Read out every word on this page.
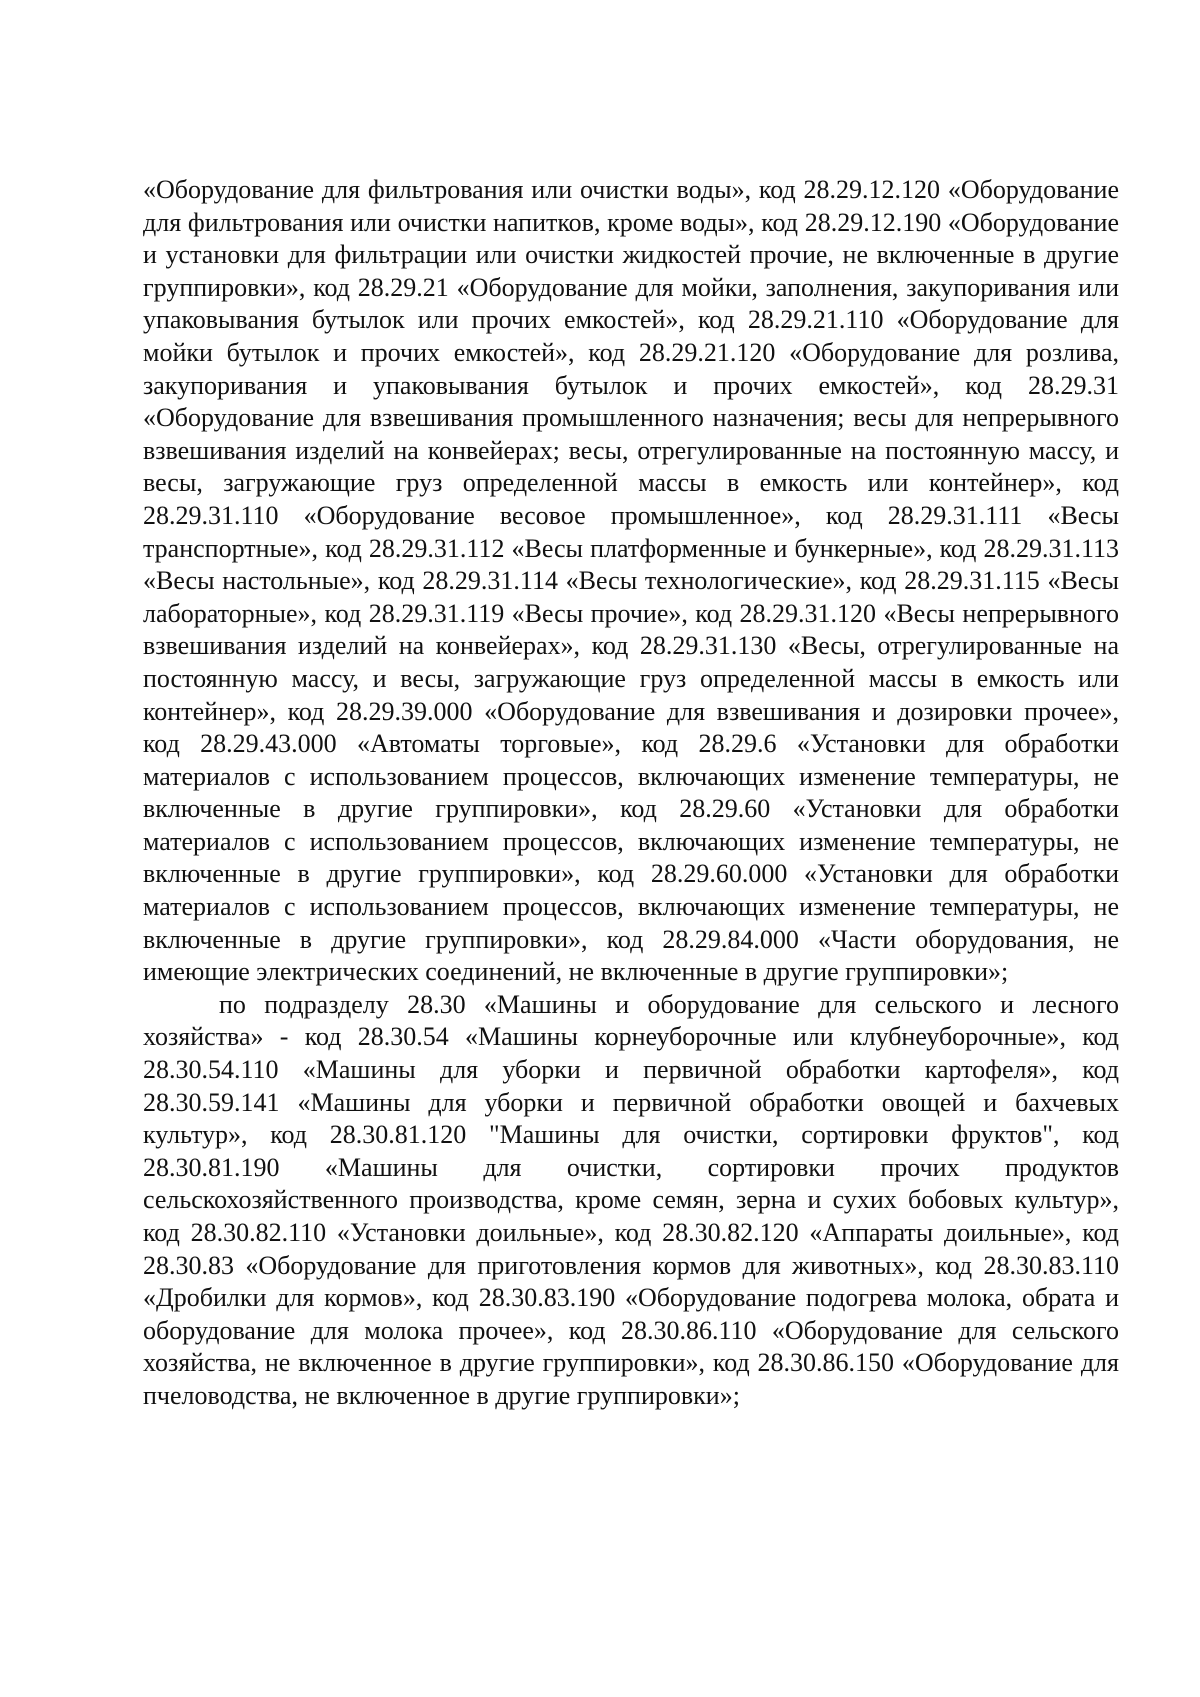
«Оборудование для фильтрования или очистки воды», код 28.29.12.120 «Оборудование для фильтрования или очистки напитков, кроме воды», код 28.29.12.190 «Оборудование и установки для фильтрации или очистки жидкостей прочие, не включенные в другие группировки», код 28.29.21 «Оборудование для мойки, заполнения, закупоривания или упаковывания бутылок или прочих емкостей», код 28.29.21.110 «Оборудование для мойки бутылок и прочих емкостей», код 28.29.21.120 «Оборудование для розлива, закупоривания и упаковывания бутылок и прочих емкостей», код 28.29.31 «Оборудование для взвешивания промышленного назначения; весы для непрерывного взвешивания изделий на конвейерах; весы, отрегулированные на постоянную массу, и весы, загружающие груз определенной массы в емкость или контейнер», код 28.29.31.110 «Оборудование весовое промышленное», код 28.29.31.111 «Весы транспортные», код 28.29.31.112 «Весы платформенные и бункерные», код 28.29.31.113 «Весы настольные», код 28.29.31.114 «Весы технологические», код 28.29.31.115 «Весы лабораторные», код 28.29.31.119 «Весы прочие», код 28.29.31.120 «Весы непрерывного взвешивания изделий на конвейерах», код 28.29.31.130 «Весы, отрегулированные на постоянную массу, и весы, загружающие груз определенной массы в емкость или контейнер», код 28.29.39.000 «Оборудование для взвешивания и дозировки прочее», код 28.29.43.000 «Автоматы торговые», код 28.29.6 «Установки для обработки материалов с использованием процессов, включающих изменение температуры, не включенные в другие группировки», код 28.29.60 «Установки для обработки материалов с использованием процессов, включающих изменение температуры, не включенные в другие группировки», код 28.29.60.000 «Установки для обработки материалов с использованием процессов, включающих изменение температуры, не включенные в другие группировки», код 28.29.84.000 «Части оборудования, не имеющие электрических соединений, не включенные в другие группировки»;

по подразделу 28.30 «Машины и оборудование для сельского и лесного хозяйства» - код 28.30.54 «Машины корнеуборочные или клубнеуборочные», код 28.30.54.110 «Машины для уборки и первичной обработки картофеля», код 28.30.59.141 «Машины для уборки и первичной обработки овощей и бахчевых культур», код 28.30.81.120 "Машины для очистки, сортировки фруктов", код 28.30.81.190 «Машины для очистки, сортировки прочих продуктов сельскохозяйственного производства, кроме семян, зерна и сухих бобовых культур», код 28.30.82.110 «Установки доильные», код 28.30.82.120 «Аппараты доильные», код 28.30.83 «Оборудование для приготовления кормов для животных», код 28.30.83.110 «Дробилки для кормов», код 28.30.83.190 «Оборудование подогрева молока, обрата и оборудование для молока прочее», код 28.30.86.110 «Оборудование для сельского хозяйства, не включенное в другие группировки», код 28.30.86.150 «Оборудование для пчеловодства, не включенное в другие группировки»;
